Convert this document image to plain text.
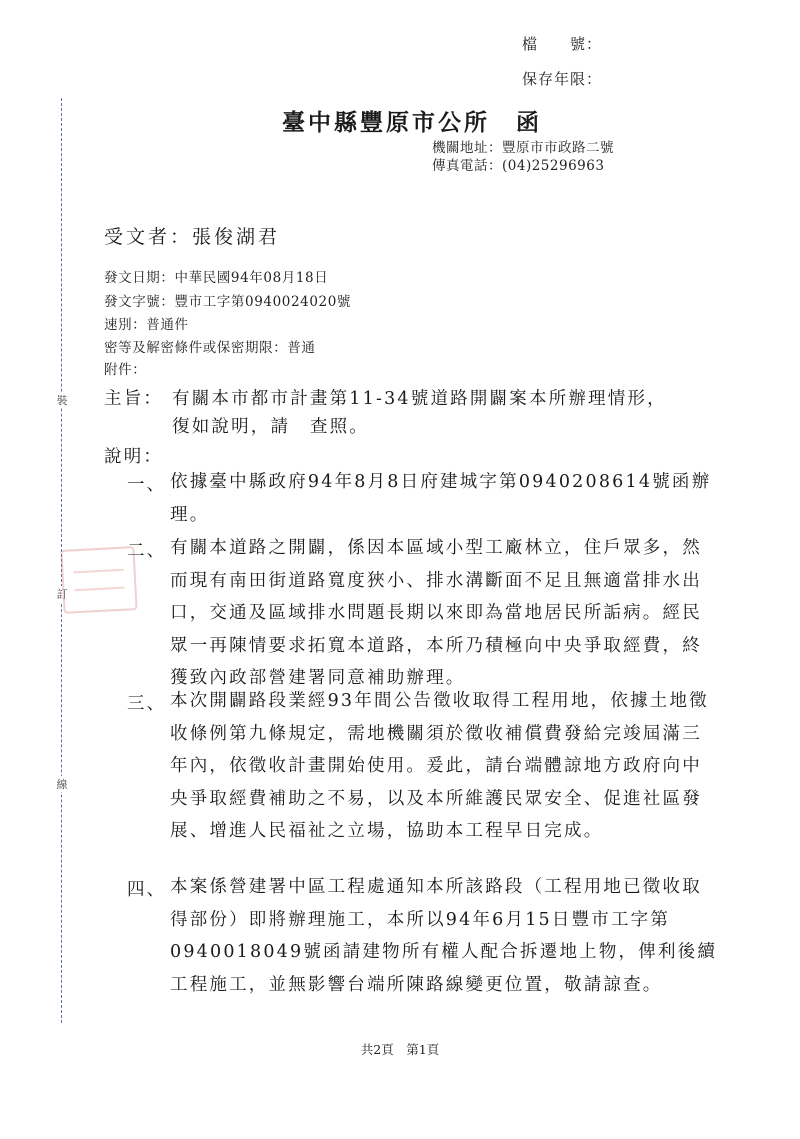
檔　　號：
保存年限：
裝
訂
線
臺中縣豐原市公所 函
機關地址：豐原市市政路二號
傳真電話：(04)25296963
受文者：張俊湖君
發文日期：中華民國94年08月18日
發文字號：豐市工字第0940024020號
速別：普通件
密等及解密條件或保密期限：普通
附件：
主旨： 有關本市都市計畫第11-34號道路開闢案本所辦理情形，
復如說明，請　查照。
說明：
一、 依據臺中縣政府94年8月8日府建城字第0940208614號函辦理。
二、 有關本道路之開闢，係因本區域小型工廠林立，住戶眾多，然而現有南田街道路寬度狹小、排水溝斷面不足且無適當排水出口，交通及區域排水問題長期以來即為當地居民所詬病。經民眾一再陳情要求拓寬本道路，本所乃積極向中央爭取經費，終獲致內政部營建署同意補助辦理。
三、 本次開闢路段業經93年間公告徵收取得工程用地，依據土地徵收條例第九條規定，需地機關須於徵收補償費發給完竣屆滿三年內，依徵收計畫開始使用。爰此，請台端體諒地方政府向中央爭取經費補助之不易，以及本所維護民眾安全、促進社區發展、增進人民福祉之立場，協助本工程早日完成。
四、 本案係營建署中區工程處通知本所該路段（工程用地已徵收取得部份）即將辦理施工，本所以94年6月15日豐市工字第0940018049號函請建物所有權人配合拆遷地上物，俾利後續工程施工，並無影響台端所陳路線變更位置，敬請諒查。
共2頁　第1頁
